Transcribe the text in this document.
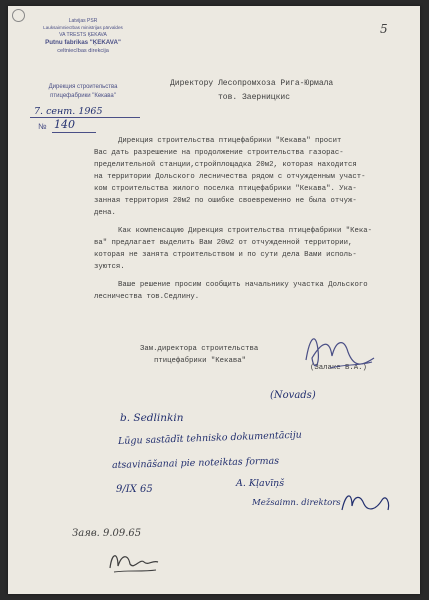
5
Latvijas PSR
Lauksaimniecības ministrijas pārvaldes
VA TRESTS ĶEKAVA
Putnu fabrikas "ĶEKAVA"
celtniecības direkcija
Дирекция строительства
птицефабрики "Кекава"
7. сент. 1965
№ 140
Директору Лесопромхоза Рига-Юрмала
тов. Заерницкис
Дирекция строительства птицефабрики "Кекава" просит
Вас дать разрешение на продолжение строительства газорас-
пределительной станции,стройплощадка 20м2, которая находится
на территории Дольского лесничества рядом с отчужденным участ-
ком строительства жилого поселка птицефабрики "Кекава". Ука-
занная территория 20м2 по ошибке своевременно не была отчуж-
дена.
Как компенсацию Дирекция строительства птицефабрики "Кека-
ва" предлагает выделить Вам 20м2 от отчужденной территории,
которая не занята строительством и по сути дела Вами исполь-
зуются.
Ваше решение просим сообщить начальнику участка Дольского
лесничества тов.Седлину.
Зам.директора строительства
птицефабрики "Кекава"
(Залаке В.А.)
(Novads)
b. Sedlinkin
Lūgu sastādīt tehnisko dokumentāciju
atsavināšanai pie noteiktas formas
9/IX 65
A. Kļavīņš
Mežsaimn. direktors
Заяв. 9.09.65
